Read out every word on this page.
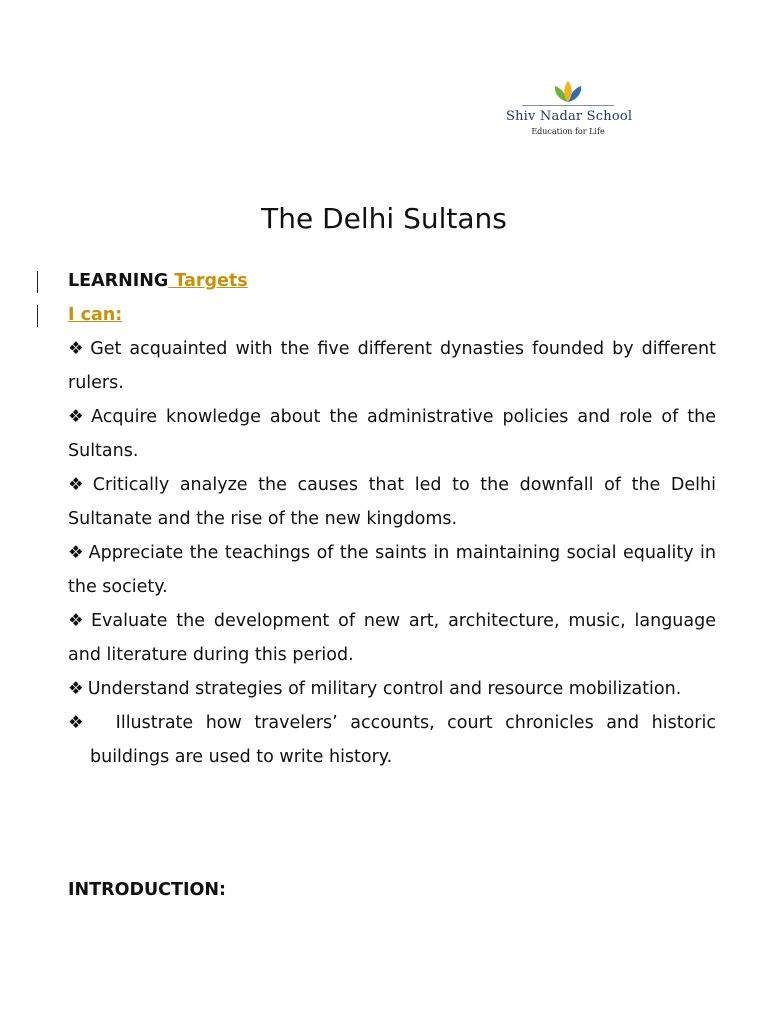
Shiv Nadar School
Education for Life
The Delhi Sultans

LEARNING Targets

I can:

❖ Get acquainted with the five different dynasties founded by different rulers.

❖ Acquire knowledge about the administrative policies and role of the Sultans.

❖ Critically analyze the causes that led to the downfall of the Delhi Sultanate and the rise of the new kingdoms.

❖ Appreciate the teachings of the saints in maintaining social equality in the society.

❖ Evaluate the development of new art, architecture, music, language and literature during this period.

❖ Understand strategies of military control and resource mobilization.

❖ Illustrate how travelers’ accounts, court chronicles and historic buildings are used to write history.

INTRODUCTION:
